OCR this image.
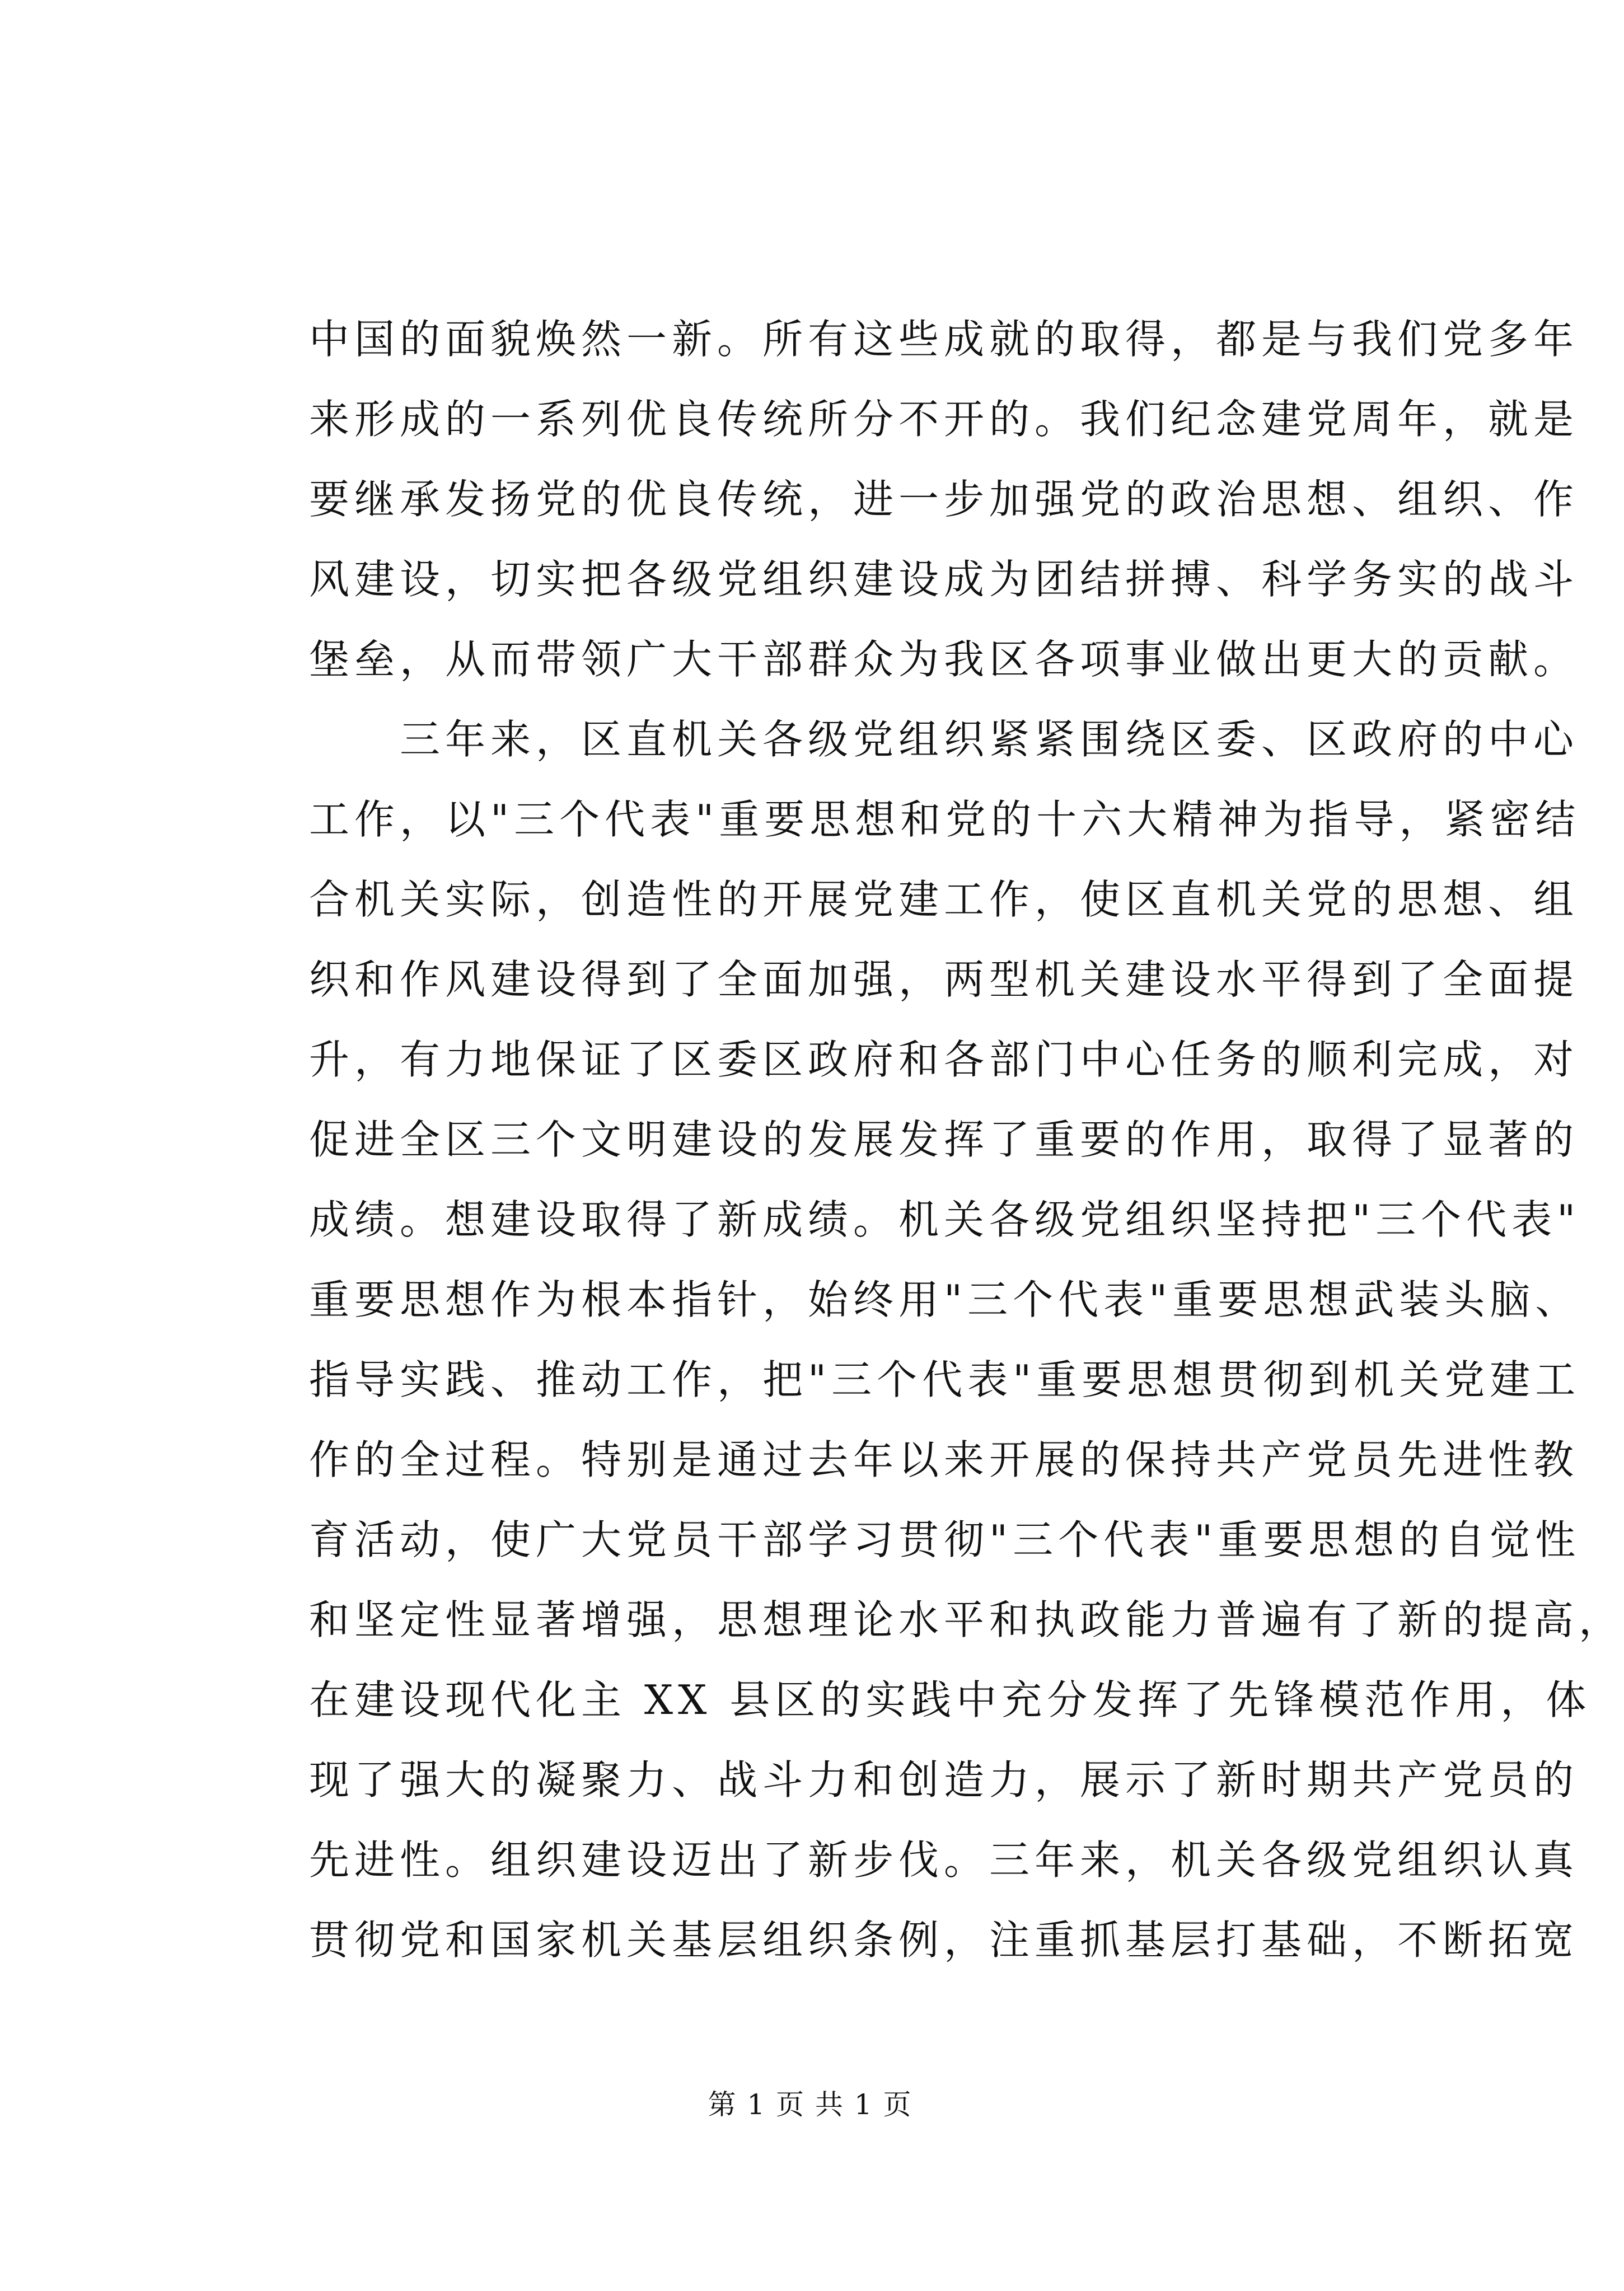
中国的面貌焕然一新。所有这些成就的取得，都是与我们党多年
来形成的一系列优良传统所分不开的。我们纪念建党周年，就是
要继承发扬党的优良传统，进一步加强党的政治思想、组织、作
风建设，切实把各级党组织建设成为团结拼搏、科学务实的战斗
堡垒，从而带领广大干部群众为我区各项事业做出更大的贡献。
三年来，区直机关各级党组织紧紧围绕区委、区政府的中心
工作，以"三个代表"重要思想和党的十六大精神为指导，紧密结
合机关实际，创造性的开展党建工作，使区直机关党的思想、组
织和作风建设得到了全面加强，两型机关建设水平得到了全面提
升，有力地保证了区委区政府和各部门中心任务的顺利完成，对
促进全区三个文明建设的发展发挥了重要的作用，取得了显著的
成绩。想建设取得了新成绩。机关各级党组织坚持把"三个代表"
重要思想作为根本指针，始终用"三个代表"重要思想武装头脑、
指导实践、推动工作，把"三个代表"重要思想贯彻到机关党建工
作的全过程。特别是通过去年以来开展的保持共产党员先进性教
育活动，使广大党员干部学习贯彻"三个代表"重要思想的自觉性
和坚定性显著增强，思想理论水平和执政能力普遍有了新的提高，
在建设现代化主 XX 县区的实践中充分发挥了先锋模范作用，体
现了强大的凝聚力、战斗力和创造力，展示了新时期共产党员的
先进性。组织建设迈出了新步伐。三年来，机关各级党组织认真
贯彻党和国家机关基层组织条例，注重抓基层打基础，不断拓宽
第 1 页 共 1 页
